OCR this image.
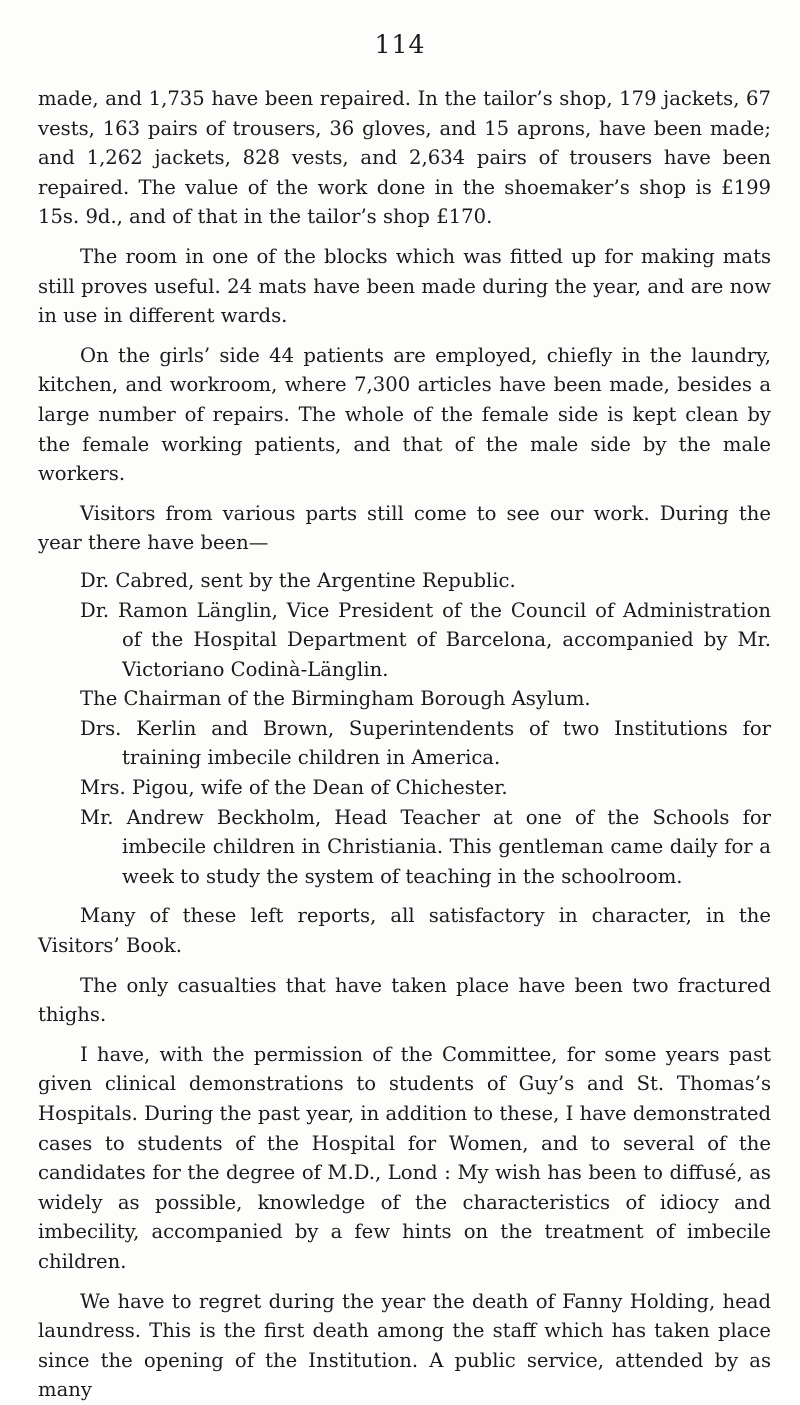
114

made, and 1,735 have been repaired. In the tailor’s shop, 179 jackets, 67 vests, 163 pairs of trousers, 36 gloves, and 15 aprons, have been made; and 1,262 jackets, 828 vests, and 2,634 pairs of trousers have been repaired. The value of the work done in the shoemaker’s shop is £199 15s. 9d., and of that in the tailor’s shop £170.

The room in one of the blocks which was fitted up for making mats still proves useful. 24 mats have been made during the year, and are now in use in different wards.

On the girls’ side 44 patients are employed, chiefly in the laundry, kitchen, and workroom, where 7,300 articles have been made, besides a large number of repairs. The whole of the female side is kept clean by the female working patients, and that of the male side by the male workers.

Visitors from various parts still come to see our work. During the year there have been—

Dr. Cabred, sent by the Argentine Republic.
Dr. Ramon Länglin, Vice President of the Council of Administration of the Hospital Department of Barcelona, accompanied by Mr. Victoriano Codinà-Länglin.
The Chairman of the Birmingham Borough Asylum.
Drs. Kerlin and Brown, Superintendents of two Institutions for training imbecile children in America.
Mrs. Pigou, wife of the Dean of Chichester.
Mr. Andrew Beckholm, Head Teacher at one of the Schools for imbecile children in Christiania. This gentleman came daily for a week to study the system of teaching in the schoolroom.

Many of these left reports, all satisfactory in character, in the Visitors’ Book.

The only casualties that have taken place have been two fractured thighs.

I have, with the permission of the Committee, for some years past given clinical demonstrations to students of Guy’s and St. Thomas’s Hospitals. During the past year, in addition to these, I have demonstrated cases to students of the Hospital for Women, and to several of the candidates for the degree of M.D., Lond : My wish has been to diffusé, as widely as possible, knowledge of the characteristics of idiocy and imbecility, accompanied by a few hints on the treatment of imbecile children.

We have to regret during the year the death of Fanny Holding, head laundress. This is the first death among the staff which has taken place since the opening of the Institution. A public service, attended by as many
